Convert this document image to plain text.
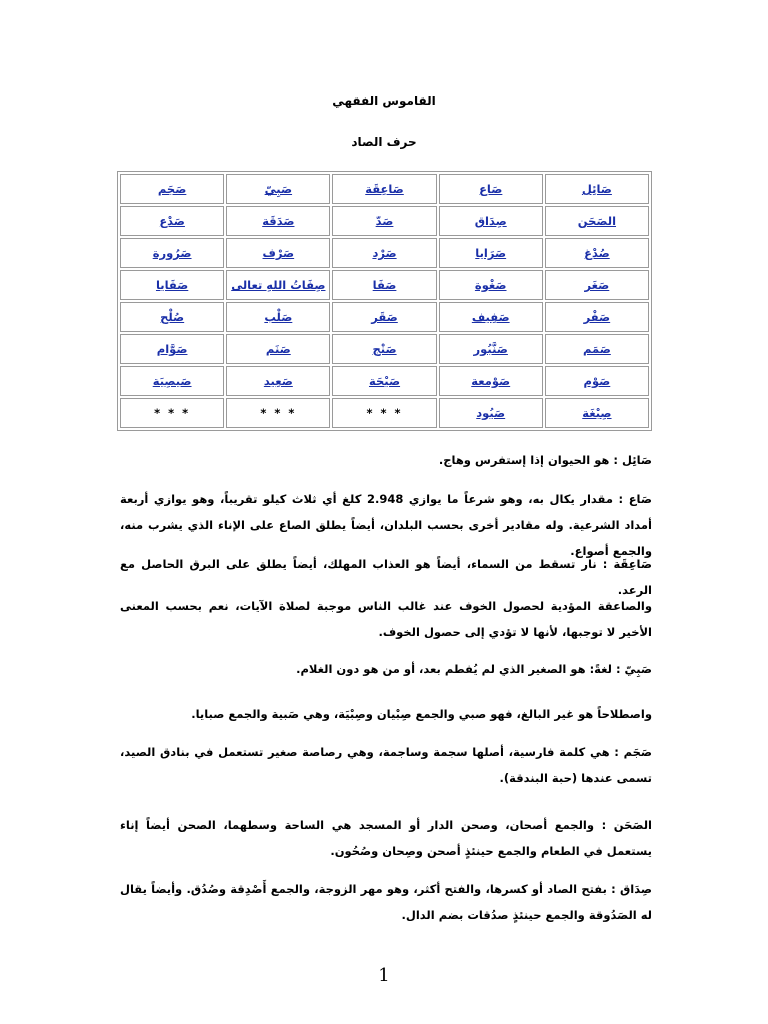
القاموس الفقهي
حرف الصاد
صَائِل	صَاع	صَاعِقَة	صَبِيّ	صَجَم
الصَحَن	صِدَاق	صَدّ	صَدَقَة	صَدْع
صُدْغ	صَرَايا	صَرْد	صَرْف	صَرُورة
صَغَر	صَغْوة	صَفَا	صِفَاتُ اللهِ تعالى	صَفَايا
صَفْر	صَفِيف	صَقَر	صَلْب	صُلْح
صَمَم	صَنَّبُور	صَنْج	صَنَم	صَوَّام
صَوْم	صَوْمعة	صَيْحَة	صَعِيد	صَيصِيَة
صِبْغَة	صَيُود	* * *	* * *	* * *
صَائِل : هو الحيوان إذا إستفرس وهاج.
صَاع : مقدار يكال به، وهو شرعاً ما يوازي 2.948 كلغ أي ثلاث كيلو تقريباً، وهو يوازي أربعة أمداد الشرعية. وله مقادير أخرى بحسب البلدان، أيضاً يطلق الصاع على الإناء الذي يشرب منه، والجمع أصواع.
صَاعِقَة : نار تسقط من السماء، أيضاً هو العذاب المهلك، أيضاً يطلق على البرق الحاصل مع الرعد.
والصاعقة المؤدية لحصول الخوف عند غالب الناس موجبة لصلاة الآيات، نعم بحسب المعنى الأخير لا توجبها، لأنها لا تؤدي إلى حصول الخوف.
صَبِيّ : لغةً: هو الصغير الذي لم يُفطم بعد، أو من هو دون الغلام.
واصطلاحاً هو غير البالغ، فهو صبي والجمع صِبْيان وصِبْيَة، وهي صَبية والجمع صبايا.
صَجَم : هي كلمة فارسية، أصلها سجمة وساجمة، وهي رصاصة صغير تستعمل في بنادق الصيد، تسمى عندها (حبة البندقة).
الصَحَن : والجمع أصحان، وصحن الدار أو المسجد هي الساحة وسطهما، الصحن أيضاً إناء يستعمل في الطعام والجمع حينئذٍ أصحن وصِحان وصُحُون.
صِدَاق : بفتح الصاد أو كسرها، والفتح أكثر، وهو مهر الزوجة، والجمع أَصْدِقة وصُدُق. وأيضاً يقال له الصَدُوقة والجمع حينئذٍ صدُقات بضم الدال.
1
